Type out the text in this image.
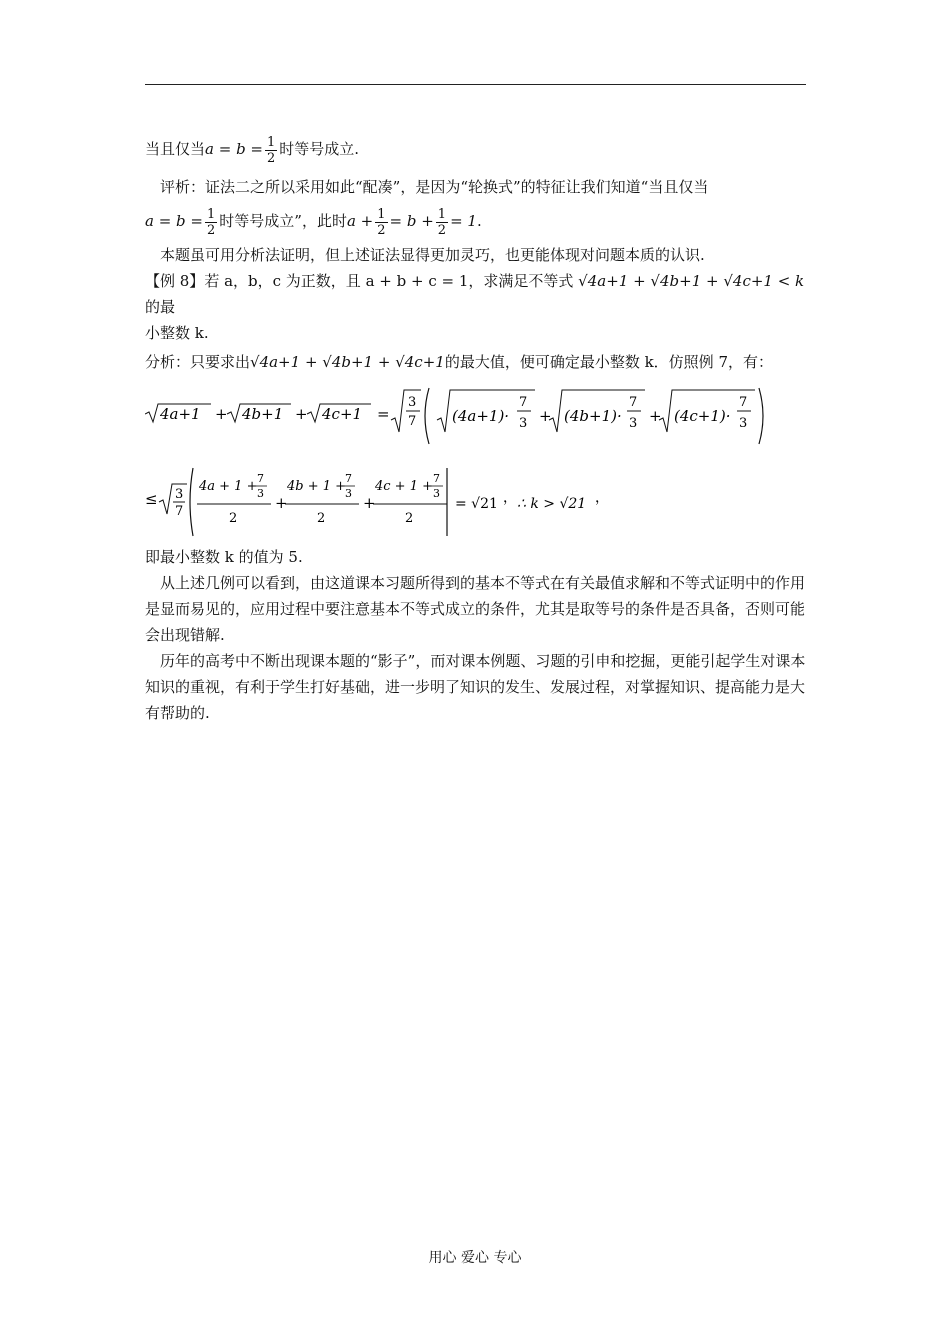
当且仅当$a = b = \frac{1}{2}$ 时等号成立.

评析：证法二之所以采用如此“配凑”，是因为“轮换式”的特征让我们知道“当且仅当

$a = b = \frac{1}{2}$ 时等号成立”，此时$a + \frac{1}{2} = b + \frac{1}{2} = 1$.

本题虽可用分析法证明，但上述证法显得更加灵巧，也更能体现对问题本质的认识.

【例 8】若 a，b，c 为正数，且 a + b + c = 1，求满足不等式 √4a+1 + √4b+1 + √4c+1 < k 的最

小整数 k.

分析：只要求出√4a+1 + √4b+1 + √4c+1的最大值，便可确定最小整数 k．仿照例 7，有：

4a+1 + 4b+1 + 4c+1 =
3
7 (4a+1)·
7
3 + (4b+1)·
7
3 + (4c+1)·
7
3
≤ 3
7
4a + 1 +
7
3
2
+
4b + 1 +
7
3
2
+
4c + 1 +
7
3
2
= √21 ， ∴ k > √21 ，

即最小整数 k 的值为 5.

从上述几例可以看到，由这道课本习题所得到的基本不等式在有关最值求解和不等式证明中的作用是显而易见的，应用过程中要注意基本不等式成立的条件，尤其是取等号的条件是否具备，否则可能会出现错解.

历年的高考中不断出现课本题的“影子”，而对课本例题、习题的引申和挖掘，更能引起学生对课本知识的重视，有利于学生打好基础，进一步明了知识的发生、发展过程，对掌握知识、提高能力是大有帮助的.

用心 爱心 专心
